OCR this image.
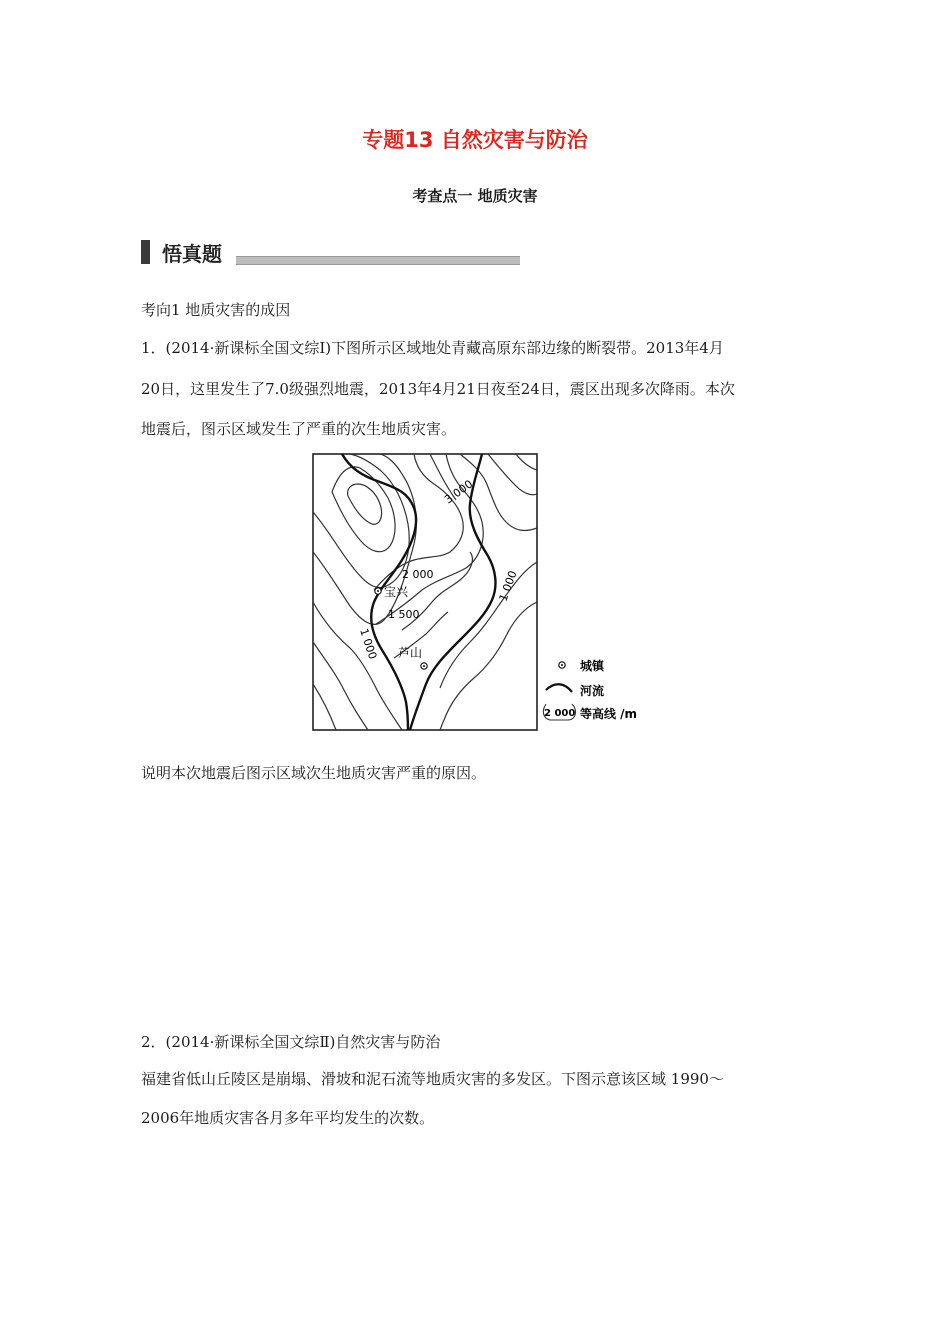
专题13 自然灾害与防治
考查点一 地质灾害
悟真题
考向1 地质灾害的成因
1．(2014·新课标全国文综Ⅰ)下图所示区域地处青藏高原东部边缘的断裂带。2013年4月
20日，这里发生了7.0级强烈地震，2013年4月21日夜至24日，震区出现多次降雨。本次
地震后，图示区域发生了严重的次生地质灾害。
3 000
2 000
1 500
1 000
1 000
宝兴
芦山
城镇
河流
2 000 等高线 /m
说明本次地震后图示区域次生地质灾害严重的原因。
2．(2014·新课标全国文综Ⅱ)自然灾害与防治
福建省低山丘陵区是崩塌、滑坡和泥石流等地质灾害的多发区。下图示意该区域 1990～
2006年地质灾害各月多年平均发生的次数。
